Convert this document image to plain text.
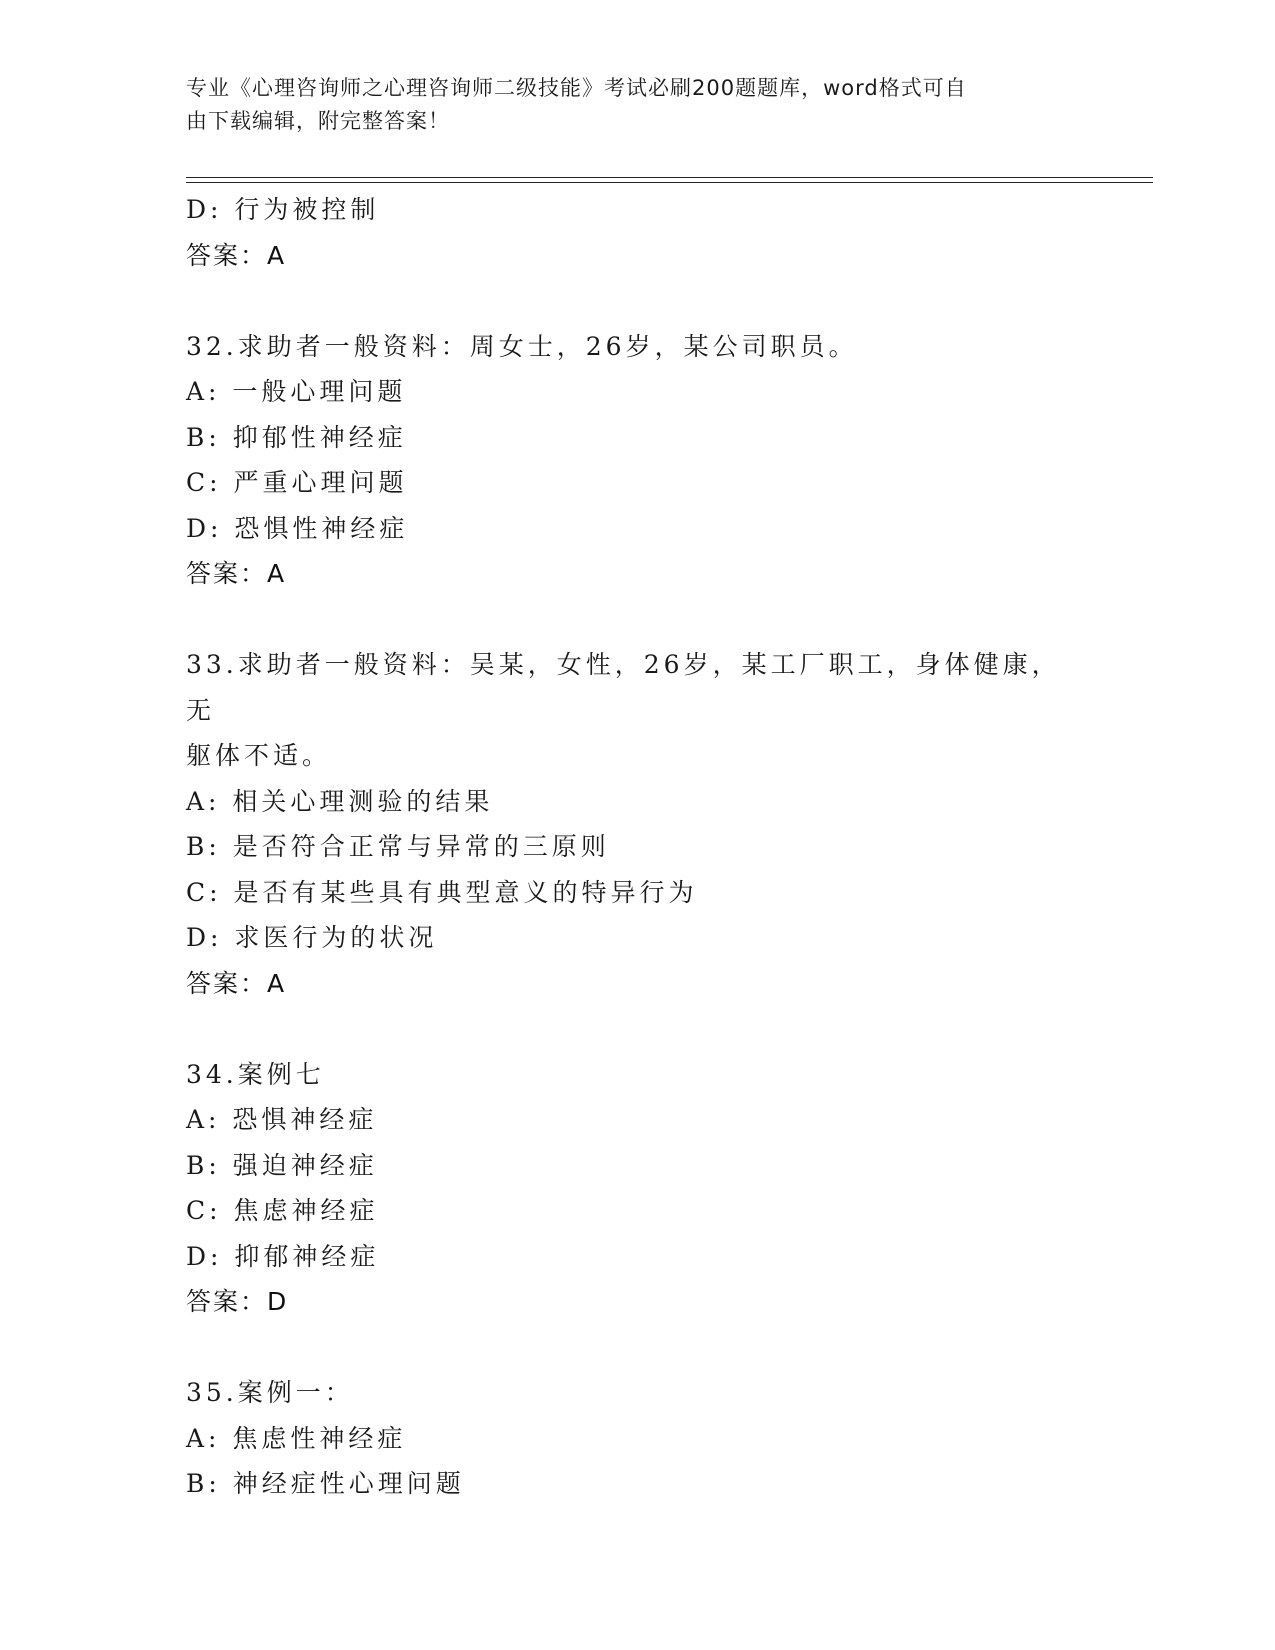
专业《心理咨询师之心理咨询师二级技能》考试必刷200题题库，word格式可自
由下载编辑，附完整答案！
D: 行为被控制
答案：A
32.求助者一般资料：周女士，26岁，某公司职员。
A: 一般心理问题
B: 抑郁性神经症
C: 严重心理问题
D: 恐惧性神经症
答案：A
33.求助者一般资料：吴某，女性，26岁，某工厂职工，身体健康，无
躯体不适。
A: 相关心理测验的结果
B: 是否符合正常与异常的三原则
C: 是否有某些具有典型意义的特异行为
D: 求医行为的状况
答案：A
34.案例七
A: 恐惧神经症
B: 强迫神经症
C: 焦虑神经症
D: 抑郁神经症
答案：D
35.案例一：
A: 焦虑性神经症
B: 神经症性心理问题
